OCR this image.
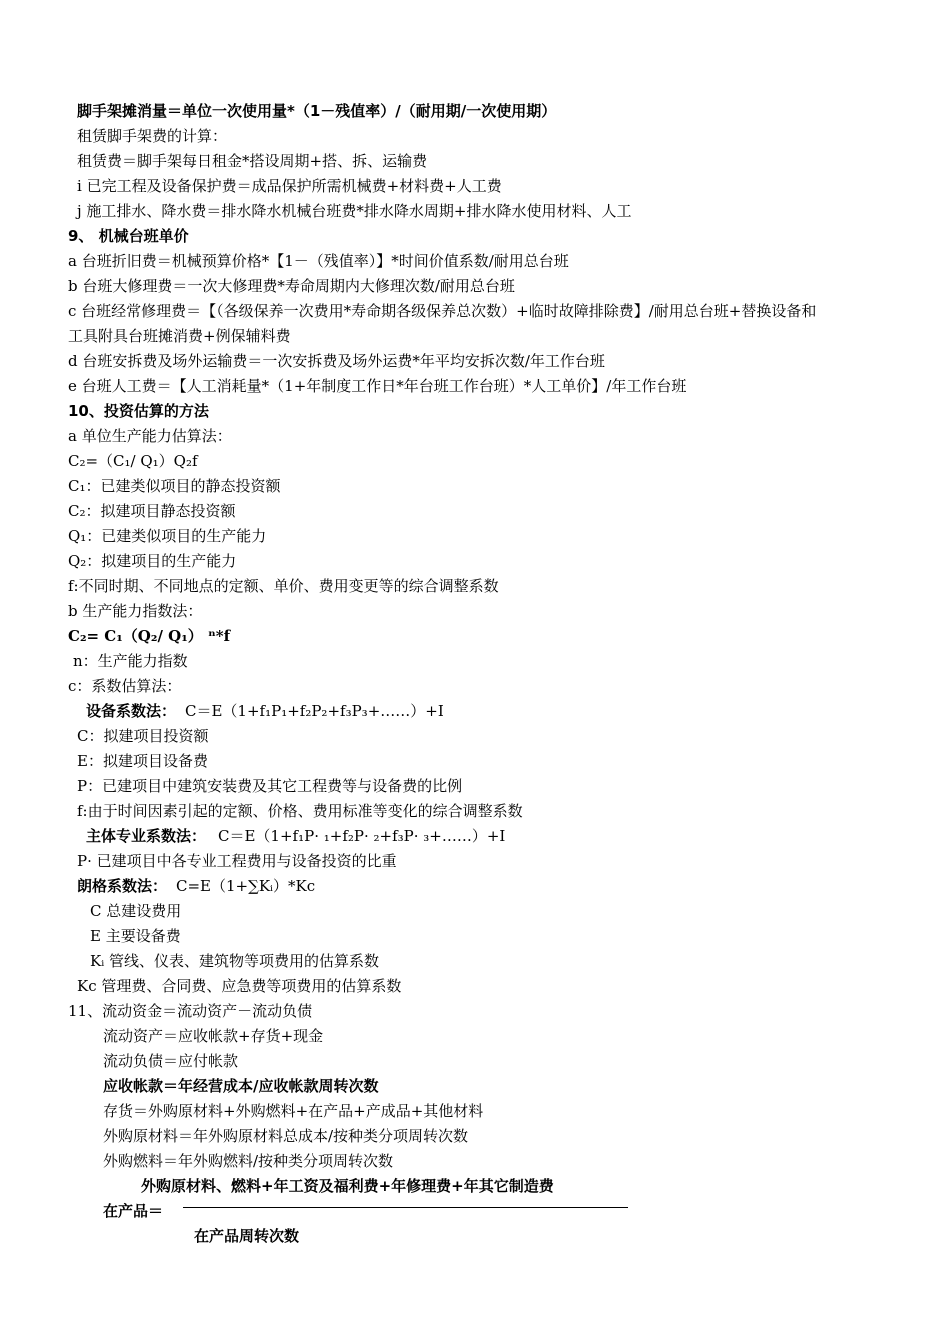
脚手架摊消量＝单位一次使用量*（1－残值率）/（耐用期/一次使用期）
租赁脚手架费的计算：
租赁费＝脚手架每日租金*搭设周期+搭、拆、运输费
i 已完工程及设备保护费＝成品保护所需机械费+材料费+人工费
j 施工排水、降水费＝排水降水机械台班费*排水降水周期+排水降水使用材料、人工
9、 机械台班单价
a 台班折旧费＝机械预算价格*【1－（残值率）】*时间价值系数/耐用总台班
b 台班大修理费＝一次大修理费*寿命周期内大修理次数/耐用总台班
c 台班经常修理费＝【（各级保养一次费用*寿命期各级保养总次数）+临时故障排除费】/耐用总台班+替换设备和
工具附具台班摊消费+例保辅料费
d 台班安拆费及场外运输费＝一次安拆费及场外运费*年平均安拆次数/年工作台班
e 台班人工费＝【人工消耗量*（1+年制度工作日*年台班工作台班）*人工单价】/年工作台班
10、投资估算的方法
a 单位生产能力估算法：
C₂=（C₁/ Q₁）Q₂f
C₁：已建类似项目的静态投资额
C₂：拟建项目静态投资额
Q₁：已建类似项目的生产能力
Q₂：拟建项目的生产能力
f:不同时期、不同地点的定额、单价、费用变更等的综合调整系数
b 生产能力指数法：
C₂= C₁（Q₂/ Q₁） ⁿ*f
n：生产能力指数
c：系数估算法：
设备系数法： C＝E（1+f₁P₁+f₂P₂+f₃P₃+……）+I
C：拟建项目投资额
E：拟建项目设备费
P：已建项目中建筑安装费及其它工程费等与设备费的比例
f:由于时间因素引起的定额、价格、费用标准等变化的综合调整系数
主体专业系数法： C＝E（1+f₁P· ₁+f₂P· ₂+f₃P· ₃+……）+I
P· 已建项目中各专业工程费用与设备投资的比重
朗格系数法： C=E（1+∑Kᵢ）*Kc
C 总建设费用
E 主要设备费
Kᵢ 管线、仪表、建筑物等项费用的估算系数
Kc 管理费、合同费、应急费等项费用的估算系数
11、流动资金＝流动资产－流动负债
流动资产＝应收帐款+存货+现金
流动负债＝应付帐款
应收帐款＝年经营成本/应收帐款周转次数
存货＝外购原材料+外购燃料+在产品+产成品+其他材料
外购原材料＝年外购原材料总成本/按种类分项周转次数
外购燃料＝年外购燃料/按种类分项周转次数
外购原材料、燃料+年工资及福利费+年修理费+年其它制造费
在产品＝
在产品周转次数
